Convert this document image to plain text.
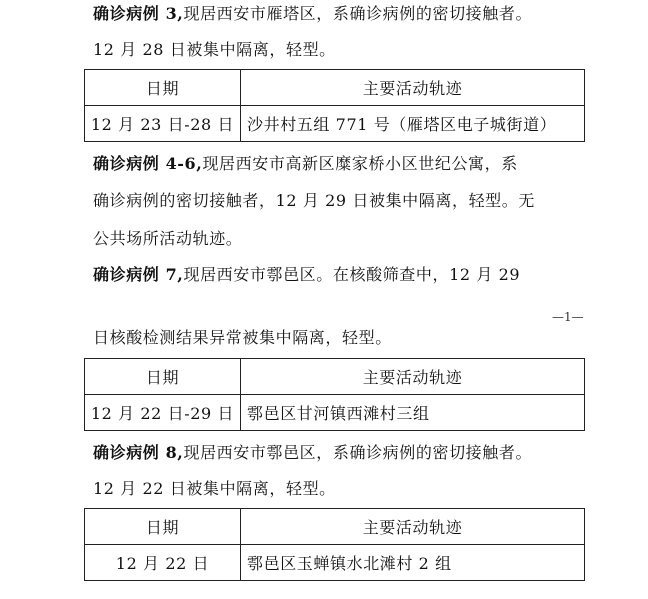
确诊病例 3,现居西安市雁塔区，系确诊病例的密切接触者。
12 月 28 日被集中隔离，轻型。
日期	主要活动轨迹
12 月 23 日-28 日	沙井村五组 771 号（雁塔区电子城街道）
确诊病例 4-6,现居西安市高新区糜家桥小区世纪公寓，系
确诊病例的密切接触者，12 月 29 日被集中隔离，轻型。无
公共场所活动轨迹。
确诊病例 7,现居西安市鄠邑区。在核酸筛查中，12 月 29
—1—
日核酸检测结果异常被集中隔离，轻型。
日期	主要活动轨迹
12 月 22 日-29 日	鄠邑区甘河镇西滩村三组
确诊病例 8,现居西安市鄠邑区，系确诊病例的密切接触者。
12 月 22 日被集中隔离，轻型。
日期	主要活动轨迹
12 月 22 日	鄠邑区玉蝉镇水北滩村 2 组
